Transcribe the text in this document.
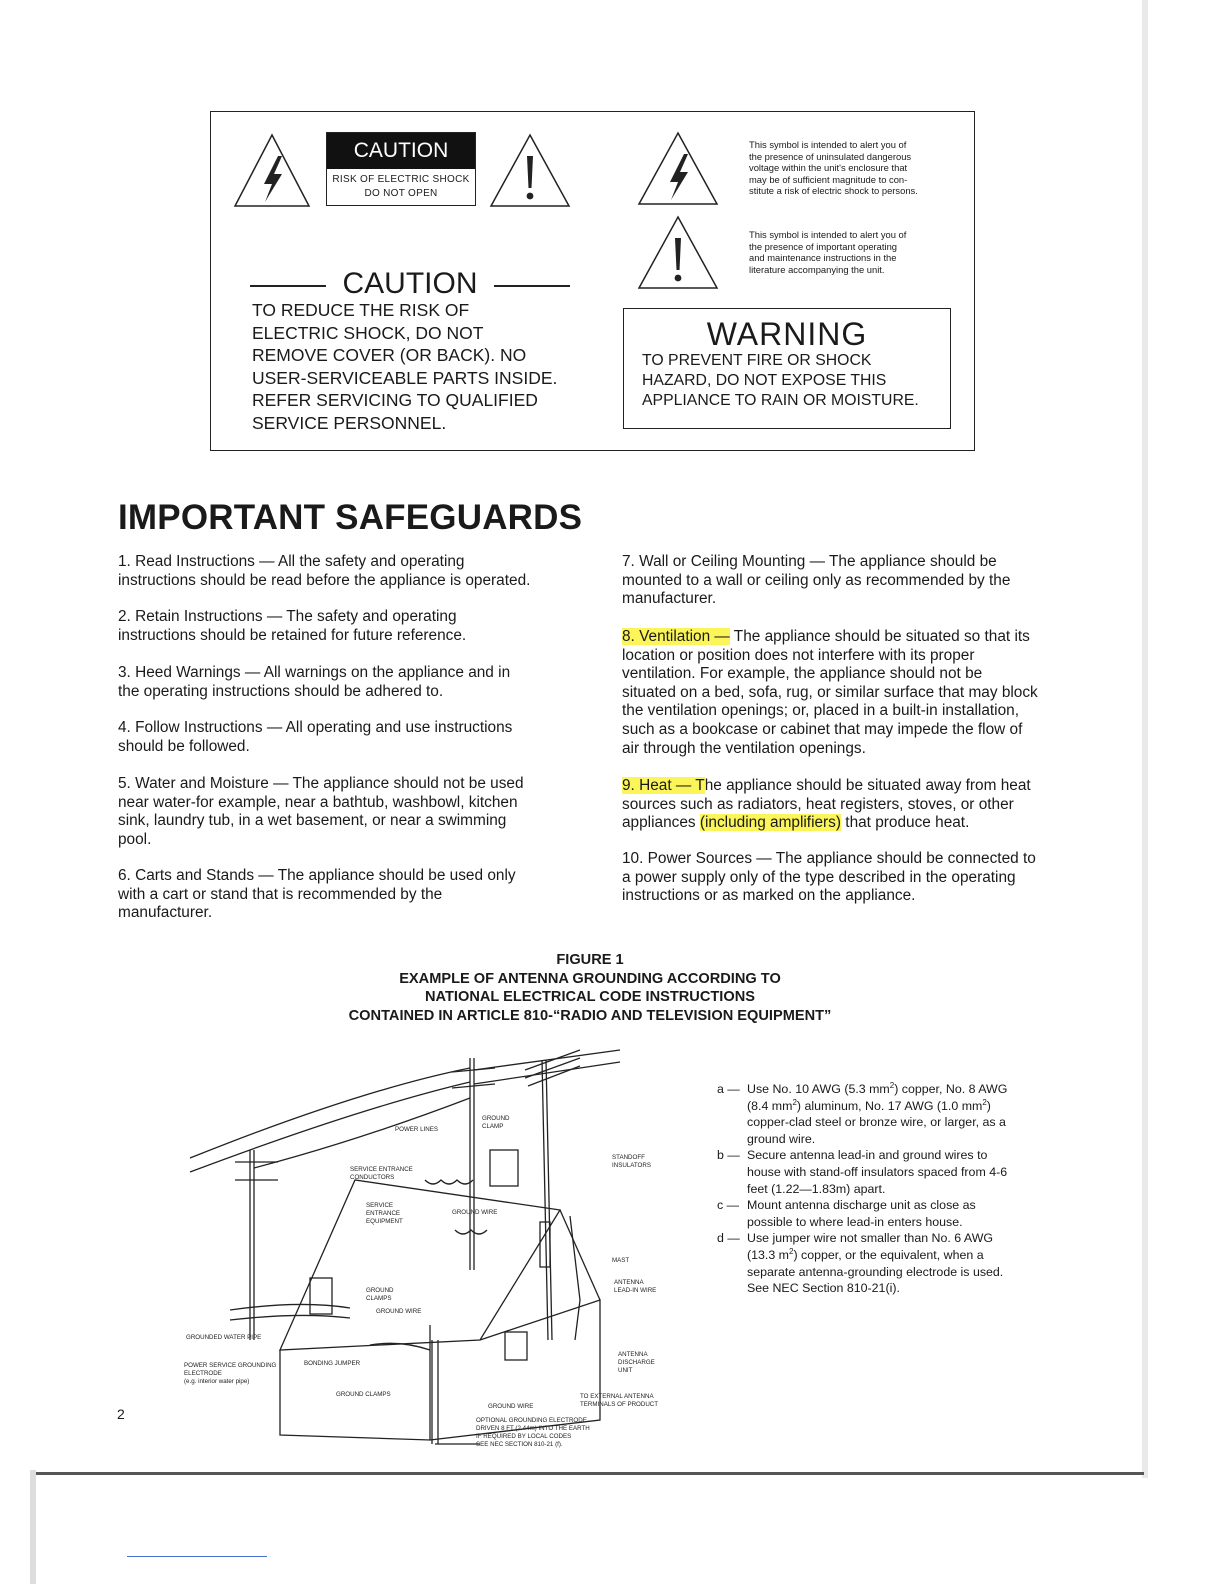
CAUTION
RISK OF ELECTRIC SHOCK
DO NOT OPEN
CAUTION

TO REDUCE THE RISK OF
ELECTRIC SHOCK, DO NOT
REMOVE COVER (OR BACK). NO
USER-SERVICEABLE PARTS INSIDE.
REFER SERVICING TO QUALIFIED
SERVICE PERSONNEL.

This symbol is intended to alert you of
the presence of uninsulated dangerous
voltage within the unit's enclosure that
may be of sufficient magnitude to con-
stitute a risk of electric shock to persons.

This symbol is intended to alert you of
the presence of important operating
and maintenance instructions in the
literature accompanying the unit.

WARNING

TO PREVENT FIRE OR SHOCK
HAZARD, DO NOT EXPOSE THIS
APPLIANCE TO RAIN OR MOISTURE.

IMPORTANT SAFEGUARDS

1. Read Instructions — All the safety and operating
instructions should be read before the appliance is operated.

2. Retain Instructions — The safety and operating
instructions should be retained for future reference.

3. Heed Warnings — All warnings on the appliance and in
the operating instructions should be adhered to.

4. Follow Instructions — All operating and use instructions
should be followed.

5. Water and Moisture — The appliance should not be used
near water-for example, near a bathtub, washbowl, kitchen
sink, laundry tub, in a wet basement, or near a swimming
pool.

6. Carts and Stands — The appliance should be used only
with a cart or stand that is recommended by the
manufacturer.

7. Wall or Ceiling Mounting — The appliance should be
mounted to a wall or ceiling only as recommended by the
manufacturer.

8. Ventilation — The appliance should be situated so that its
location or position does not interfere with its proper
ventilation. For example, the appliance should not be
situated on a bed, sofa, rug, or similar surface that may block
the ventilation openings; or, placed in a built-in installation,
such as a bookcase or cabinet that may impede the flow of
air through the ventilation openings.

9. Heat — The appliance should be situated away from heat
sources such as radiators, heat registers, stoves, or other
appliances (including amplifiers) that produce heat.

10. Power Sources — The appliance should be connected to
a power supply only of the type described in the operating
instructions or as marked on the appliance.

FIGURE 1
EXAMPLE OF ANTENNA GROUNDING ACCORDING TO
NATIONAL ELECTRICAL CODE INSTRUCTIONS
CONTAINED IN ARTICLE 810-“RADIO AND TELEVISION EQUIPMENT”
POWER LINES
GROUND
CLAMP
STANDOFF
INSULATORS
SERVICE ENTRANCE
CONDUCTORS
SERVICE
ENTRANCE
EQUIPMENT
GROUND WIRE
MAST
ANTENNA
LEAD-IN WIRE
GROUND
CLAMPS
GROUND WIRE
GROUNDED WATER PIPE
POWER SERVICE GROUNDING
ELECTRODE
(e.g. interior water pipe)
BONDING JUMPER
GROUND CLAMPS
ANTENNA
DISCHARGE
UNIT
GROUND WIRE
TO EXTERNAL ANTENNA
TERMINALS OF PRODUCT
OPTIONAL GROUNDING ELECTRODE
DRIVEN 8 FT (2.44m) INTO THE EARTH
IF REQUIRED BY LOCAL CODES
SEE NEC SECTION 810-21 (f).
a — Use No. 10 AWG (5.3 $mm^2$) copper, No. 8 AWG (8.4 $mm^2$) aluminum, No. 17 AWG (1.0 $mm^2$) copper-clad steel or bronze wire, or larger, as a ground wire.
b — Secure antenna lead-in and ground wires to house with stand-off insulators spaced from 4-6 feet (1.22—1.83m) apart.
c — Mount antenna discharge unit as close as possible to where lead-in enters house.
d — Use jumper wire not smaller than No. 6 AWG (13.3 $m^2$) copper, or the equivalent, when a separate antenna-grounding electrode is used.
See NEC Section 810-21(i).
2
